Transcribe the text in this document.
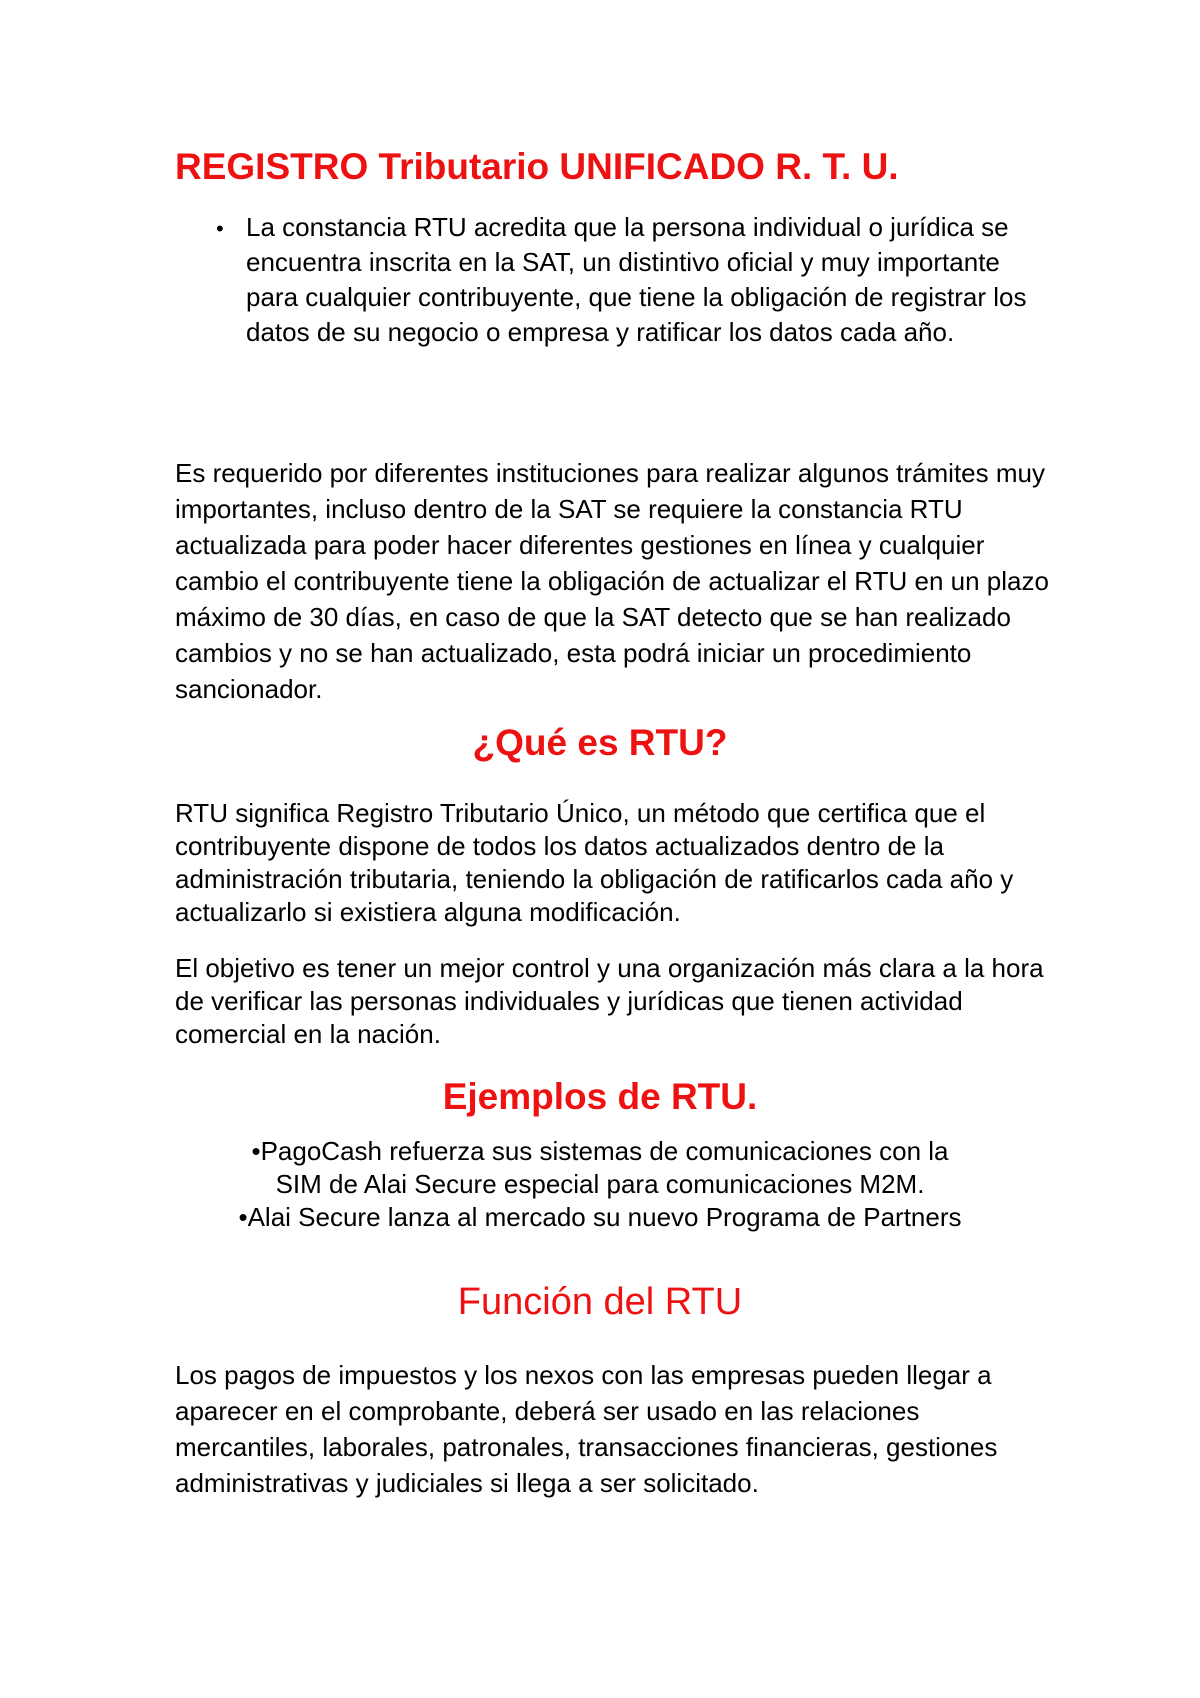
REGISTRO Tributario UNIFICADO R. T. U.
• La constancia RTU acredita que la persona individual o jurídica se encuentra inscrita en la SAT, un distintivo oficial y muy importante para cualquier contribuyente, que tiene la obligación de registrar los datos de su negocio o empresa y ratificar los datos cada año.

Es requerido por diferentes instituciones para realizar algunos trámites muy importantes, incluso dentro de la SAT se requiere la constancia RTU actualizada para poder hacer diferentes gestiones en línea y cualquier cambio el contribuyente tiene la obligación de actualizar el RTU en un plazo máximo de 30 días, en caso de que la SAT detecto que se han realizado cambios y no se han actualizado, esta podrá iniciar un procedimiento sancionador.

¿Qué es RTU?

RTU significa Registro Tributario Único, un método que certifica que el contribuyente dispone de todos los datos actualizados dentro de la administración tributaria, teniendo la obligación de ratificarlos cada año y actualizarlo si existiera alguna modificación.

El objetivo es tener un mejor control y una organización más clara a la hora de verificar las personas individuales y jurídicas que tienen actividad comercial en la nación.

Ejemplos de RTU.
•PagoCash refuerza sus sistemas de comunicaciones con la
SIM de Alai Secure especial para comunicaciones M2M.
•Alai Secure lanza al mercado su nuevo Programa de Partners
Función del RTU

Los pagos de impuestos y los nexos con las empresas pueden llegar a aparecer en el comprobante, deberá ser usado en las relaciones mercantiles, laborales, patronales, transacciones financieras, gestiones administrativas y judiciales si llega a ser solicitado.
